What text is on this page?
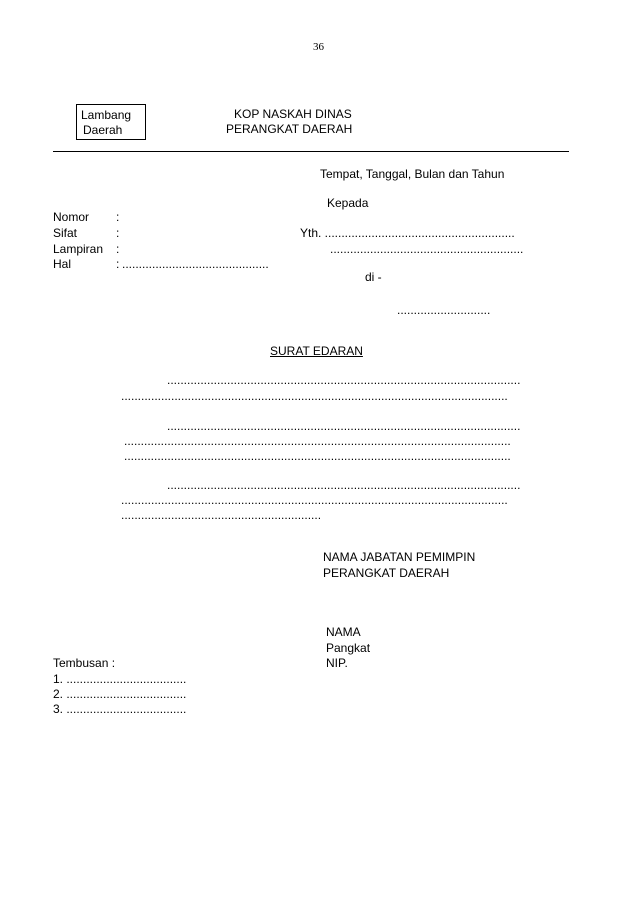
36
Lambang
Daerah
KOP NASKAH DINAS
PERANGKAT DAERAH
Tempat, Tanggal, Bulan dan Tahun
Kepada
Yth. .........................................................
..........................................................
di -
............................
Nomor :
Sifat	:
Lampiran :
Hal	: ............................................
SURAT EDARAN
..........................................................................................................
....................................................................................................................
..........................................................................................................
....................................................................................................................
....................................................................................................................
..........................................................................................................
....................................................................................................................
............................................................
NAMA JABATAN PEMIMPIN
PERANGKAT DAERAH
NAMA
Pangkat
NIP.
Tembusan :
1. ....................................
2. ....................................
3. ....................................
